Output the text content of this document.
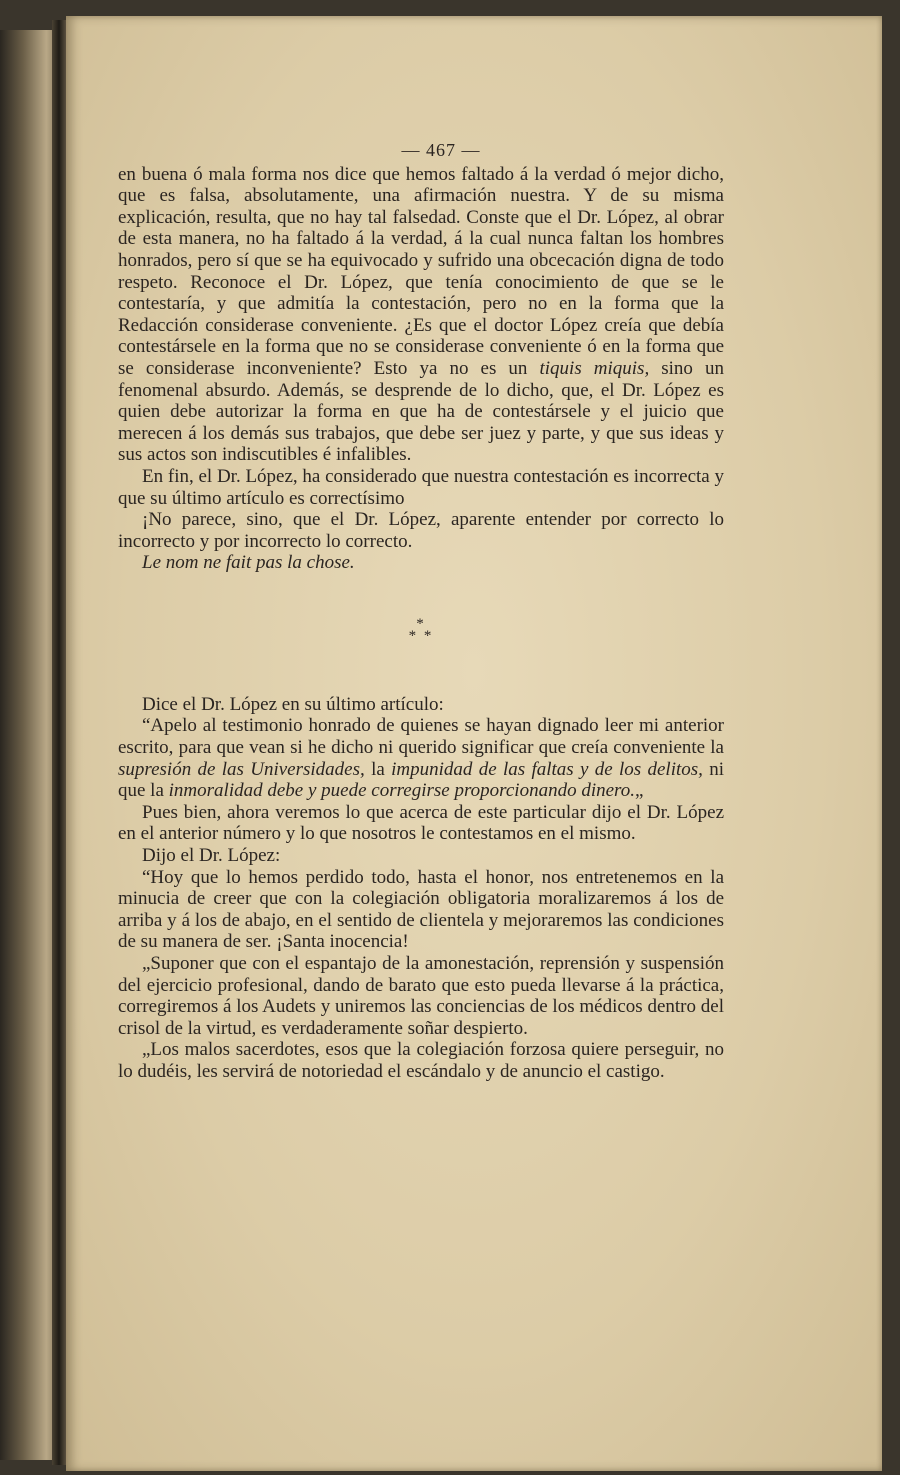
— 467 —

en buena ó mala forma nos dice que hemos faltado á la verdad ó mejor dicho, que es falsa, absolutamente, una afirmación nuestra. Y de su misma explicación, resulta, que no hay tal falsedad. Conste que el Dr. López, al obrar de esta manera, no ha faltado á la verdad, á la cual nunca faltan los hombres honrados, pero sí que se ha equivocado y sufrido una obcecación digna de todo respeto. Reconoce el Dr. López, que tenía conocimiento de que se le contestaría, y que admitía la contestación, pero no en la forma que la Redacción considerase conveniente. ¿Es que el doctor López creía que debía contestársele en la forma que no se considerase conveniente ó en la forma que se considerase inconveniente? Esto ya no es un tiquis miquis, sino un fenomenal absurdo. Además, se desprende de lo dicho, que, el Dr. López es quien debe autorizar la forma en que ha de contestársele y el juicio que merecen á los demás sus trabajos, que debe ser juez y parte, y que sus ideas y sus actos son indiscutibles é infalibles.

En fin, el Dr. López, ha considerado que nuestra contestación es incorrecta y que su último artículo es correctísimo

¡No parece, sino, que el Dr. López, aparente entender por correcto lo incorrecto y por incorrecto lo correcto.

Le nom ne fait pas la chose.

*
* *

Dice el Dr. López en su último artículo:

“Apelo al testimonio honrado de quienes se hayan dignado leer mi anterior escrito, para que vean si he dicho ni querido significar que creía conveniente la supresión de las Universidades, la impunidad de las faltas y de los delitos, ni que la inmoralidad debe y puede corregirse proporcionando dinero.„

Pues bien, ahora veremos lo que acerca de este particular dijo el Dr. López en el anterior número y lo que nosotros le contestamos en el mismo.

Dijo el Dr. López:

“Hoy que lo hemos perdido todo, hasta el honor, nos entretenemos en la minucia de creer que con la colegiación obligatoria moralizaremos á los de arriba y á los de abajo, en el sentido de clientela y mejoraremos las condiciones de su manera de ser. ¡Santa inocencia!

„Suponer que con el espantajo de la amonestación, reprensión y suspensión del ejercicio profesional, dando de barato que esto pueda llevarse á la práctica, corregiremos á los Audets y uniremos las conciencias de los médicos dentro del crisol de la virtud, es verdaderamente soñar despierto.

„Los malos sacerdotes, esos que la colegiación forzosa quiere perseguir, no lo dudéis, les servirá de notoriedad el escándalo y de anuncio el castigo.
